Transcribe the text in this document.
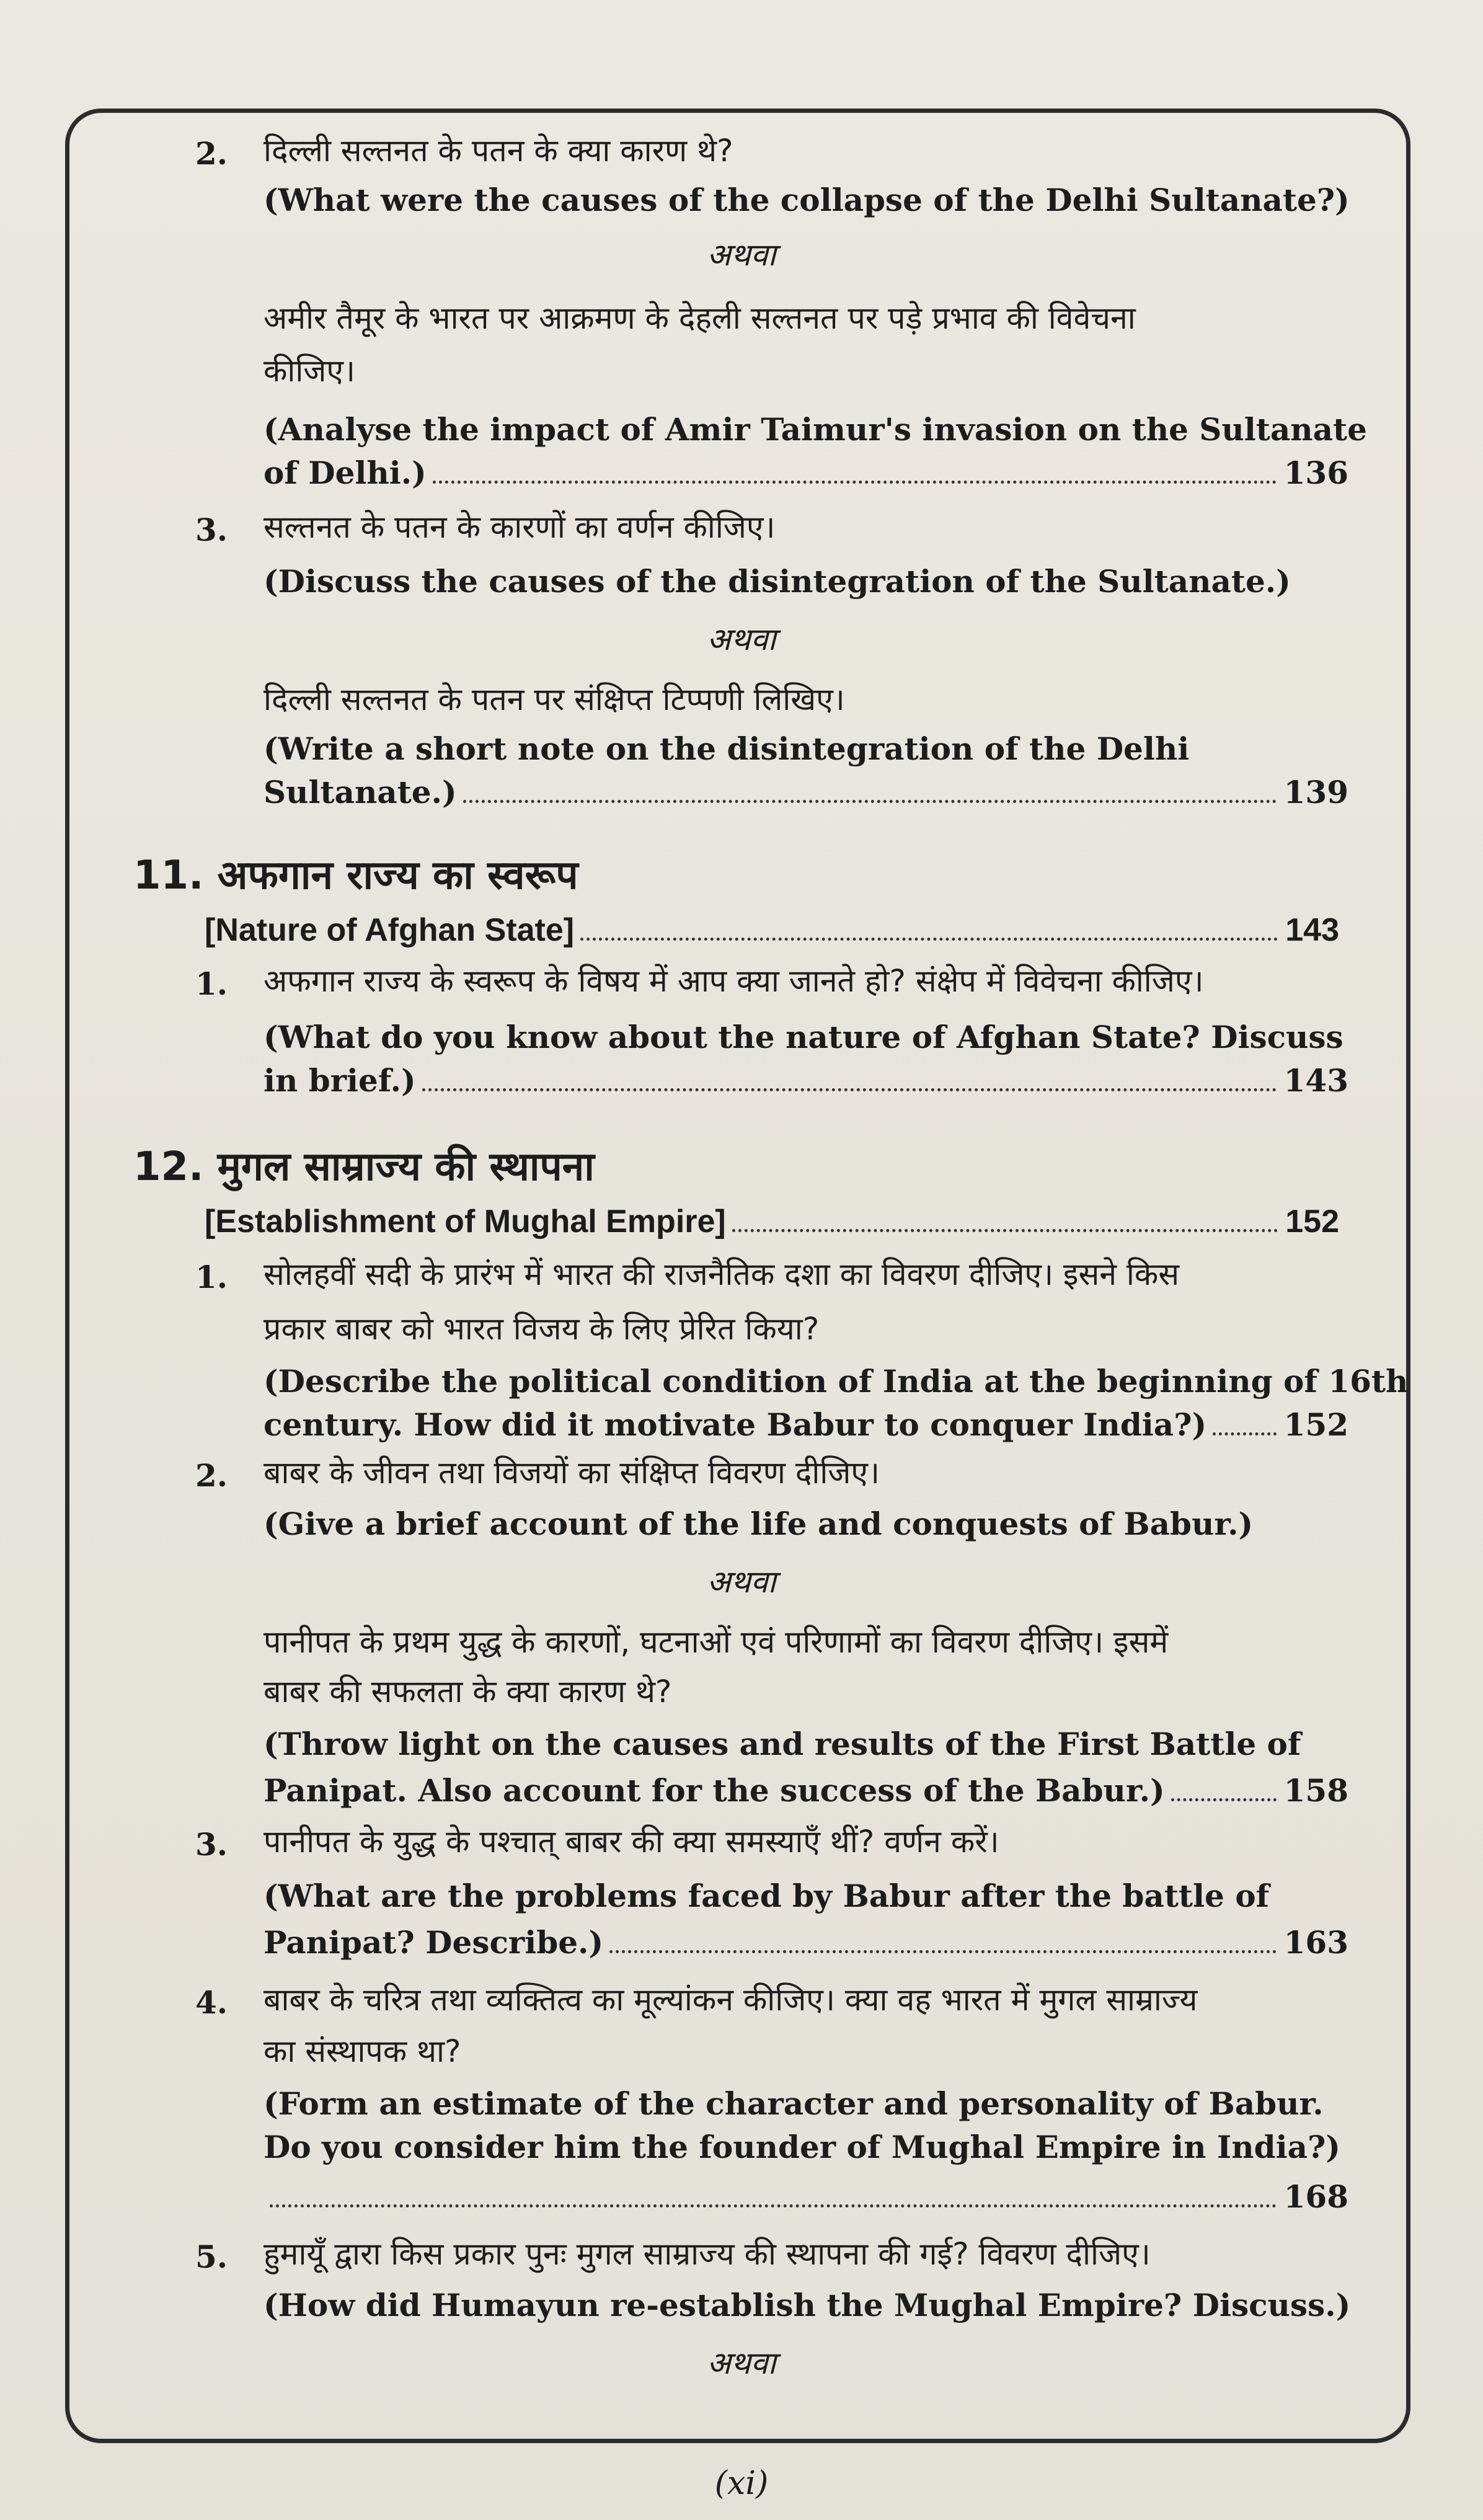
2. दिल्ली सल्तनत के पतन के क्या कारण थे?
(What were the causes of the collapse of the Delhi Sultanate?)
अथवा
अमीर तैमूर के भारत पर आक्रमण के देहली सल्तनत पर पड़े प्रभाव की विवेचना
कीजिए।
(Analyse the impact of Amir Taimur's invasion on the Sultanate
of Delhi.)	136
3. सल्तनत के पतन के कारणों का वर्णन कीजिए।
(Discuss the causes of the disintegration of the Sultanate.)
अथवा
दिल्ली सल्तनत के पतन पर संक्षिप्त टिप्पणी लिखिए।
(Write a short note on the disintegration of the Delhi
Sultanate.)	139
11. अफगान राज्य का स्वरूप
[Nature of Afghan State]	143
1. अफगान राज्य के स्वरूप के विषय में आप क्या जानते हो? संक्षेप में विवेचना कीजिए।
(What do you know about the nature of Afghan State? Discuss
in brief.)	143
12. मुगल साम्राज्य की स्थापना
[Establishment of Mughal Empire]	152
1. सोलहवीं सदी के प्रारंभ में भारत की राजनैतिक दशा का विवरण दीजिए। इसने किस
प्रकार बाबर को भारत विजय के लिए प्रेरित किया?
(Describe the political condition of India at the beginning of 16th
century. How did it motivate Babur to conquer India?) 152
2. बाबर के जीवन तथा विजयों का संक्षिप्त विवरण दीजिए।
(Give a brief account of the life and conquests of Babur.)
अथवा
पानीपत के प्रथम युद्ध के कारणों, घटनाओं एवं परिणामों का विवरण दीजिए। इसमें
बाबर की सफलता के क्या कारण थे?
(Throw light on the causes and results of the First Battle of
Panipat. Also account for the success of the Babur.)	158
3. पानीपत के युद्ध के पश्चात् बाबर की क्या समस्याएँ थीं? वर्णन करें।
(What are the problems faced by Babur after the battle of
Panipat? Describe.)	163
4. बाबर के चरित्र तथा व्यक्तित्व का मूल्यांकन कीजिए। क्या वह भारत में मुगल साम्राज्य
का संस्थापक था?
(Form an estimate of the character and personality of Babur.
Do you consider him the founder of Mughal Empire in India?)
168
5. हुमायूँ द्वारा किस प्रकार पुनः मुगल साम्राज्य की स्थापना की गई? विवरण दीजिए।
(How did Humayun re-establish the Mughal Empire? Discuss.)
अथवा
(xi)
